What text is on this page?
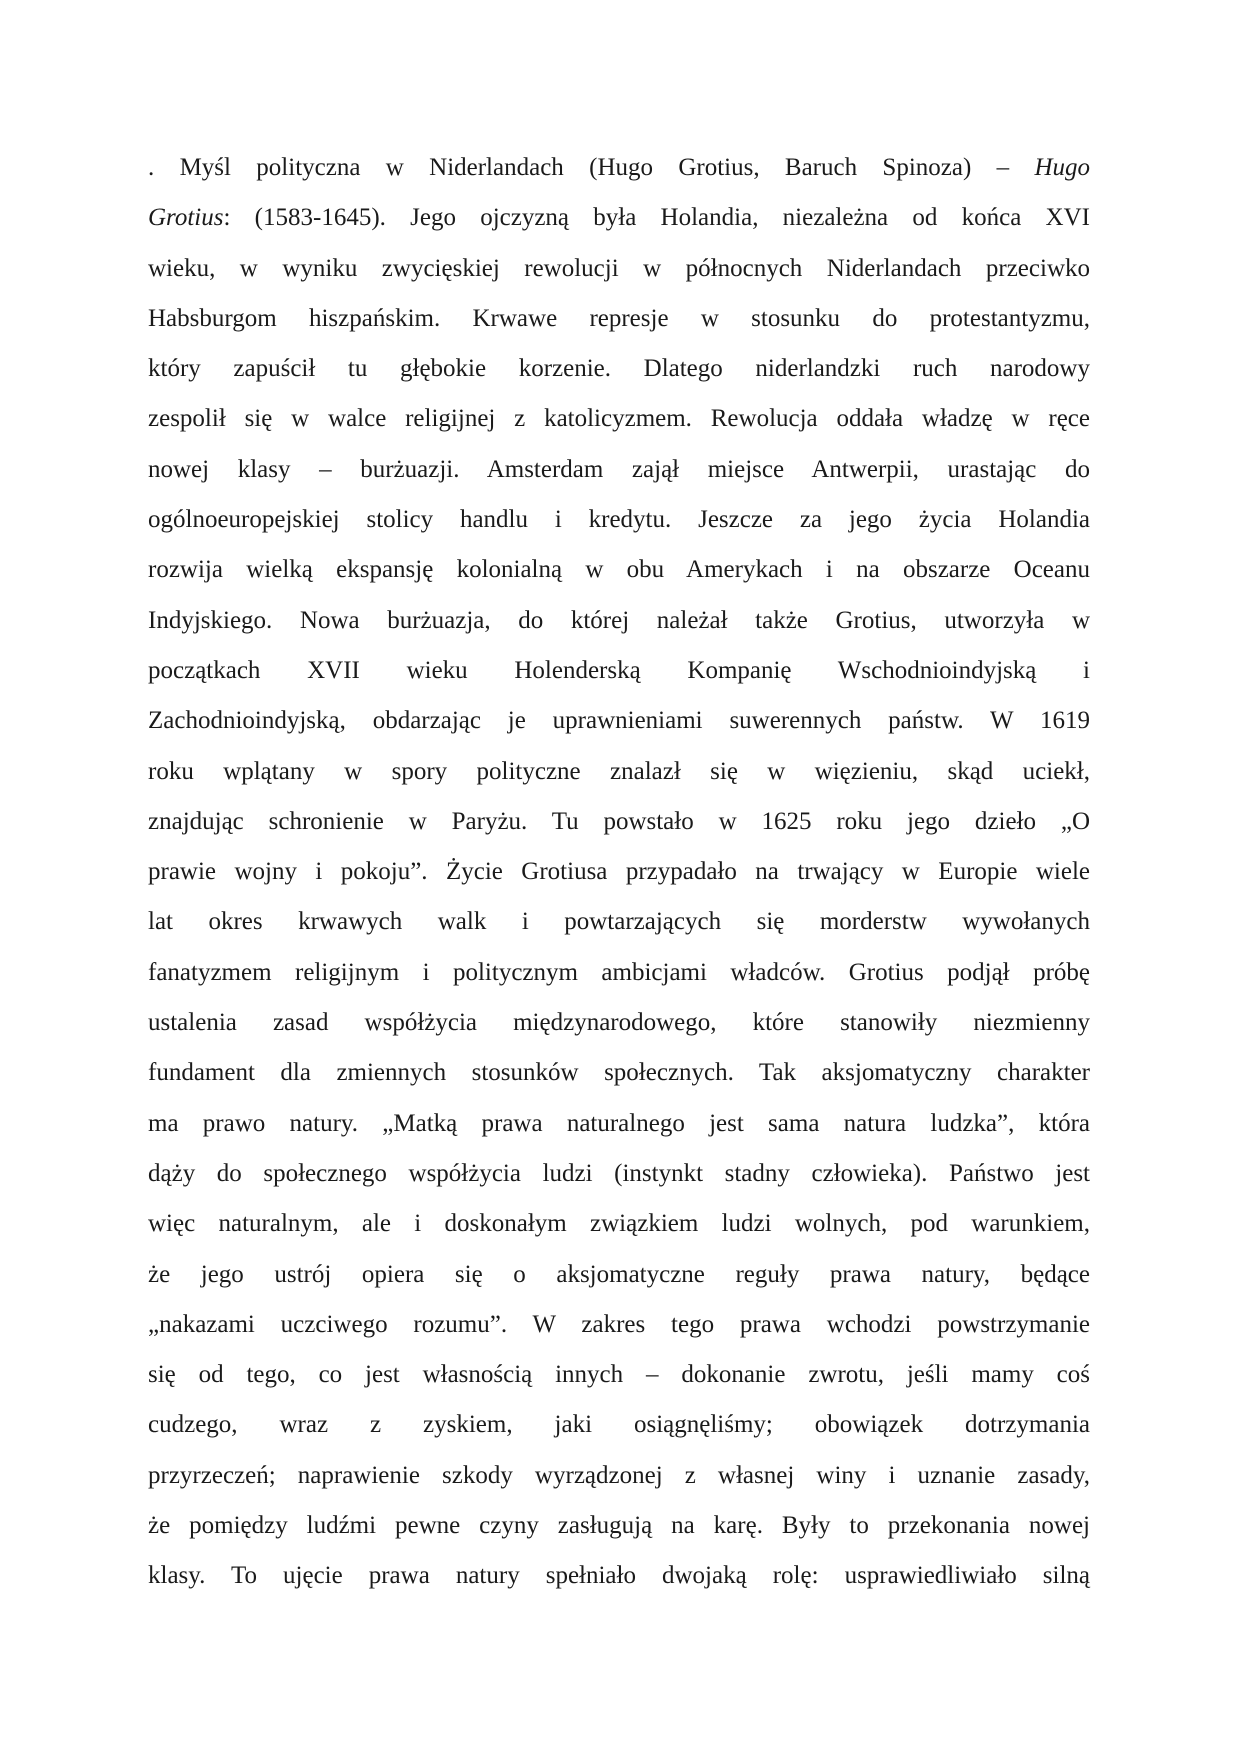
. Myśl polityczna w Niderlandach (Hugo Grotius, Baruch Spinoza) – Hugo
Grotius: (1583-1645). Jego ojczyzną była Holandia, niezależna od końca XVI
wieku, w wyniku zwycięskiej rewolucji w północnych Niderlandach przeciwko
Habsburgom hiszpańskim. Krwawe represje w stosunku do protestantyzmu,
który zapuścił tu głębokie korzenie. Dlatego niderlandzki ruch narodowy
zespolił się w walce religijnej z katolicyzmem. Rewolucja oddała władzę w ręce
nowej klasy – burżuazji. Amsterdam zajął miejsce Antwerpii, urastając do
ogólnoeuropejskiej stolicy handlu i kredytu. Jeszcze za jego życia Holandia
rozwija wielką ekspansję kolonialną w obu Amerykach i na obszarze Oceanu
Indyjskiego. Nowa burżuazja, do której należał także Grotius, utworzyła w
początkach XVII wieku Holenderską Kompanię Wschodnioindyjską i
Zachodnioindyjską, obdarzając je uprawnieniami suwerennych państw. W 1619
roku wplątany w spory polityczne znalazł się w więzieniu, skąd uciekł,
znajdując schronienie w Paryżu. Tu powstało w 1625 roku jego dzieło „O
prawie wojny i pokoju”. Życie Grotiusa przypadało na trwający w Europie wiele
lat okres krwawych walk i powtarzających się morderstw wywołanych
fanatyzmem religijnym i politycznym ambicjami władców. Grotius podjął próbę
ustalenia zasad współżycia międzynarodowego, które stanowiły niezmienny
fundament dla zmiennych stosunków społecznych. Tak aksjomatyczny charakter
ma prawo natury. „Matką prawa naturalnego jest sama natura ludzka”, która
dąży do społecznego współżycia ludzi (instynkt stadny człowieka). Państwo jest
więc naturalnym, ale i doskonałym związkiem ludzi wolnych, pod warunkiem,
że jego ustrój opiera się o aksjomatyczne reguły prawa natury, będące
„nakazami uczciwego rozumu”. W zakres tego prawa wchodzi powstrzymanie
się od tego, co jest własnością innych – dokonanie zwrotu, jeśli mamy coś
cudzego, wraz z zyskiem, jaki osiągnęliśmy; obowiązek dotrzymania
przyrzeczeń; naprawienie szkody wyrządzonej z własnej winy i uznanie zasady,
że pomiędzy ludźmi pewne czyny zasługują na karę. Były to przekonania nowej
klasy. To ujęcie prawa natury spełniało dwojaką rolę: usprawiedliwiało silną
